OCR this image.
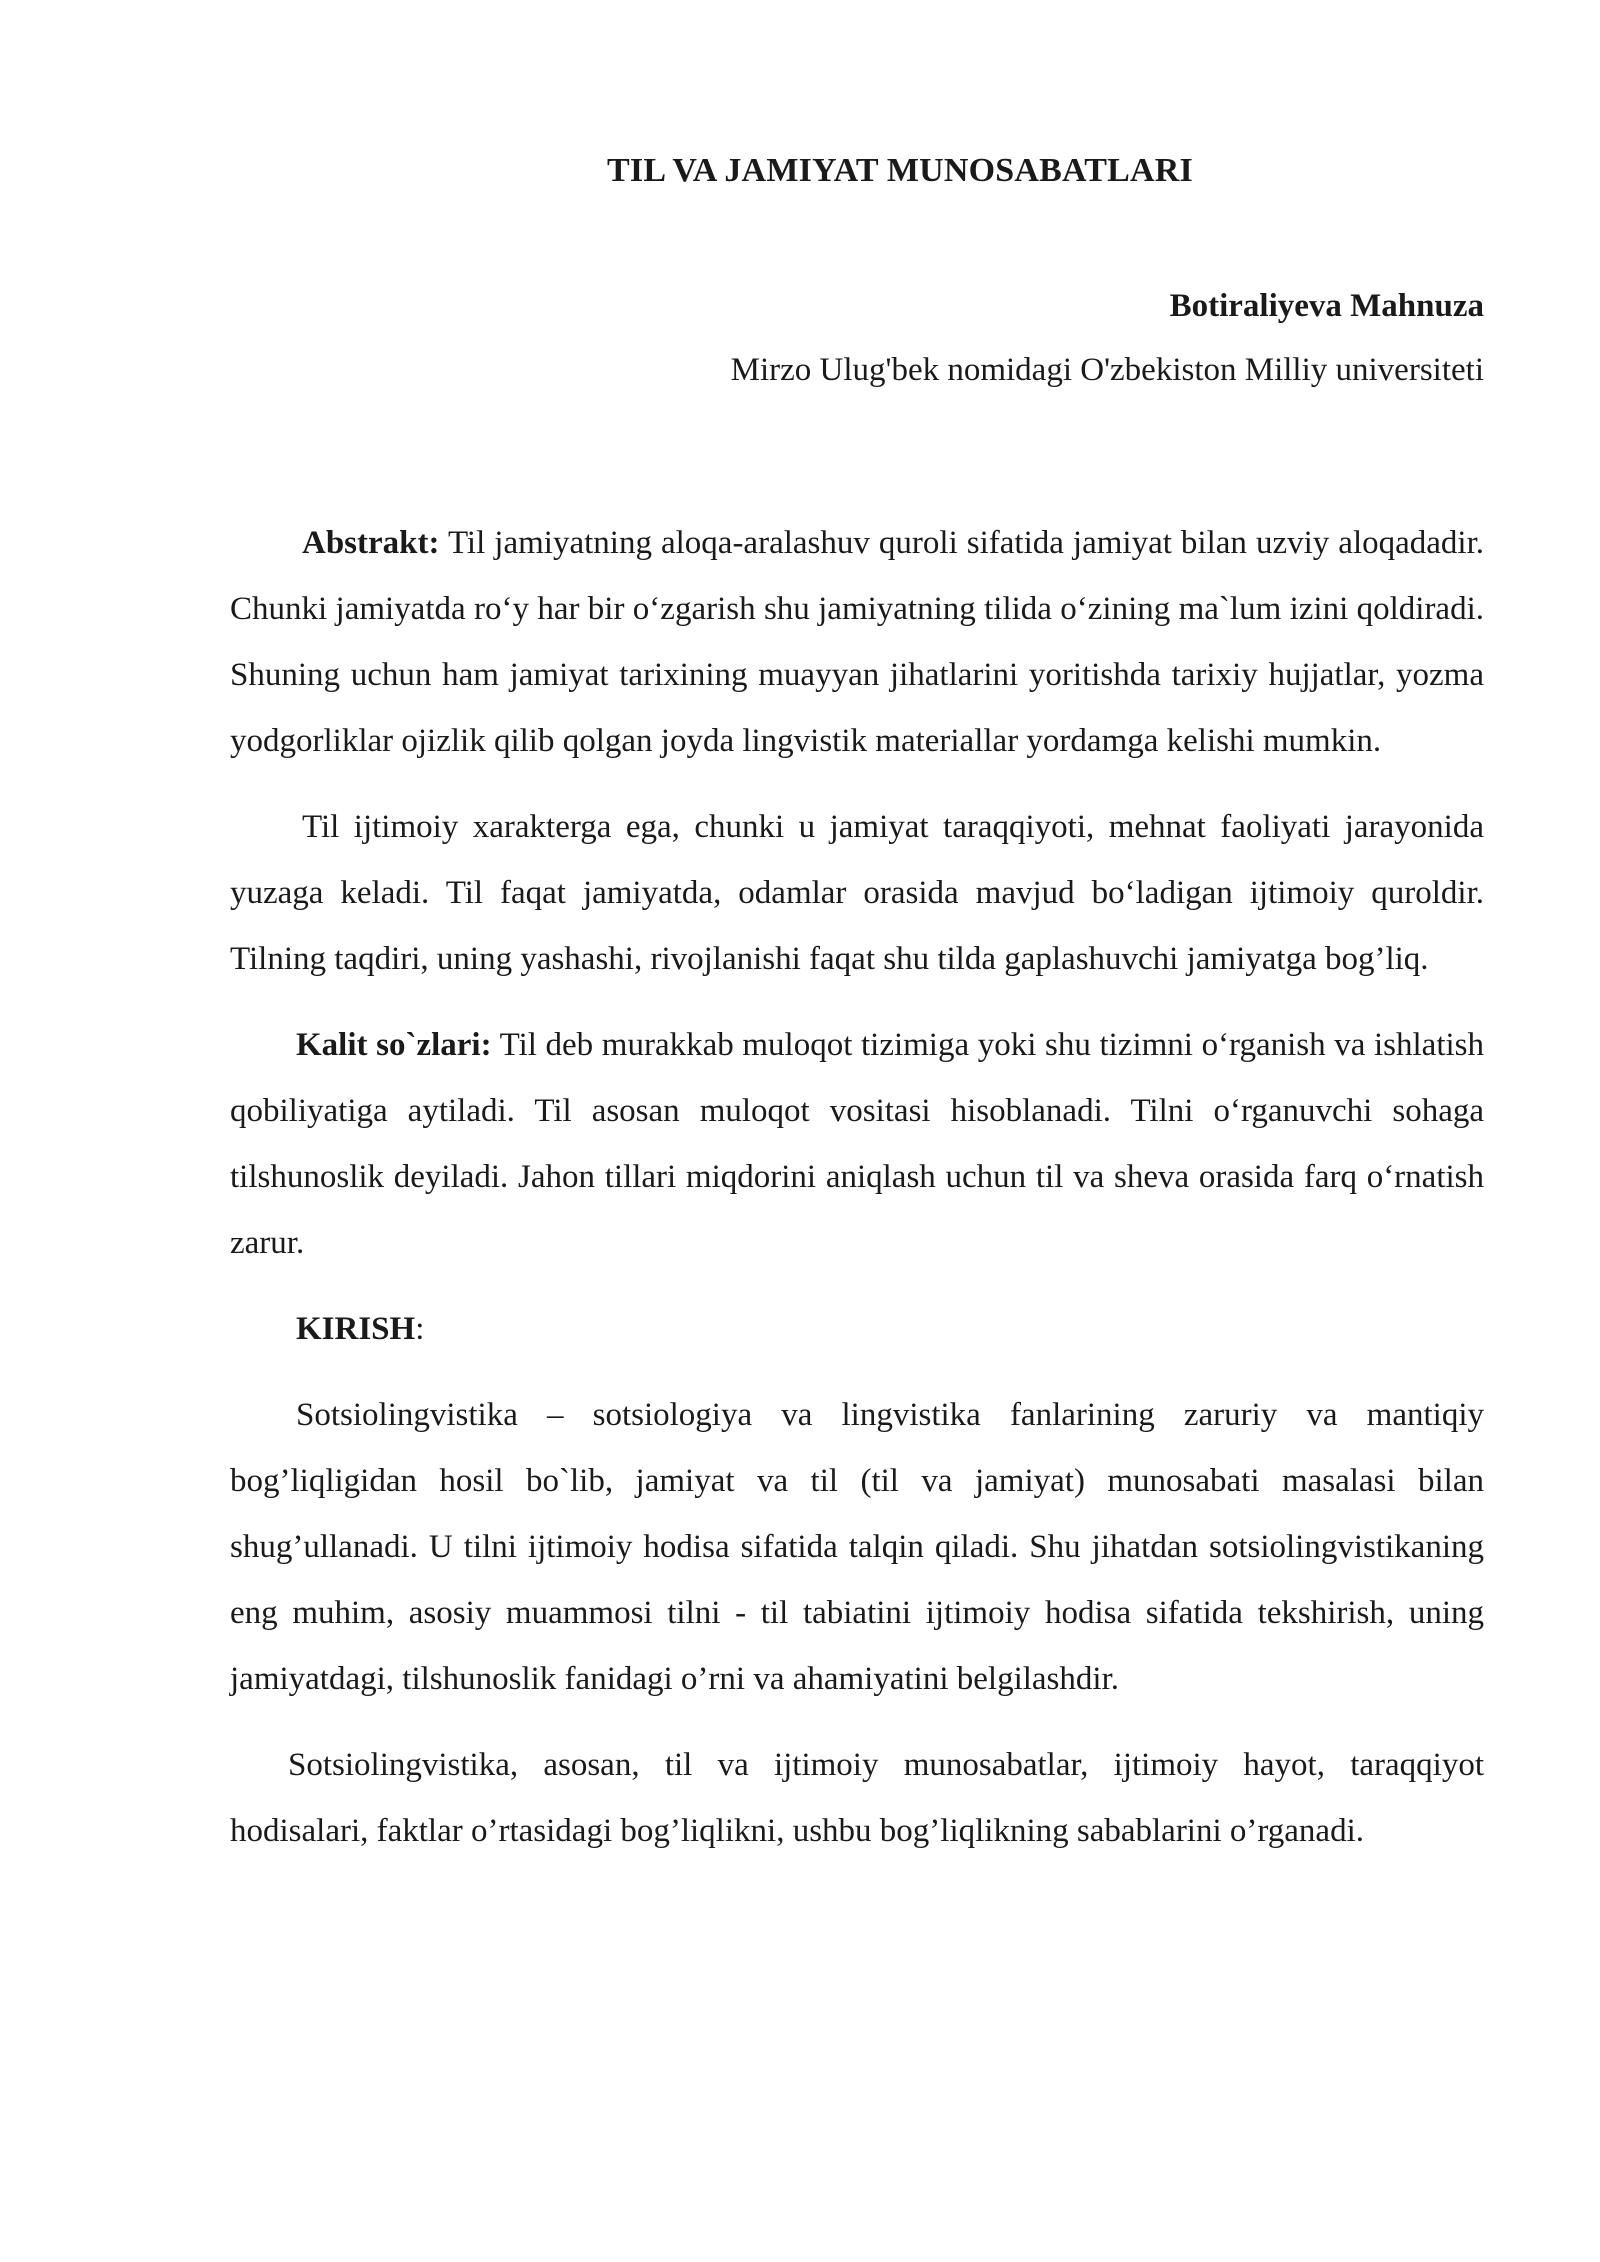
TIL VA JAMIYAT MUNOSABATLARI
Botiraliyeva Mahnuza
Mirzo Ulug'bek nomidagi O'zbekiston Milliy universiteti

Abstrakt: Til jamiyatning aloqa-aralashuv quroli sifatida jamiyat bilan uzviy aloqadadir. Chunki jamiyatda ro‘y har bir o‘zgarish shu jamiyatning tilida o‘zining ma`lum izini qoldiradi. Shuning uchun ham jamiyat tarixining muayyan jihatlarini yoritishda tarixiy hujjatlar, yozma yodgorliklar ojizlik qilib qolgan joyda lingvistik materiallar yordamga kelishi mumkin.

Til ijtimoiy xarakterga ega, chunki u jamiyat taraqqiyoti, mehnat faoliyati jarayonida yuzaga keladi. Til faqat jamiyatda, odamlar orasida mavjud bo‘ladigan ijtimoiy quroldir. Tilning taqdiri, uning yashashi, rivojlanishi faqat shu tilda gaplashuvchi jamiyatga bog’liq.

Kalit so`zlari: Til deb murakkab muloqot tizimiga yoki shu tizimni o‘rganish va ishlatish qobiliyatiga aytiladi. Til asosan muloqot vositasi hisoblanadi. Tilni o‘rganuvchi sohaga tilshunoslik deyiladi. Jahon tillari miqdorini aniqlash uchun til va sheva orasida farq o‘rnatish zarur.

KIRISH:

Sotsiolingvistika – sotsiologiya va lingvistika fanlarining zaruriy va mantiqiy bog’liqligidan hosil bo`lib, jamiyat va til (til va jamiyat) munosabati masalasi bilan shug’ullanadi. U tilni ijtimoiy hodisa sifatida talqin qiladi. Shu jihatdan sotsiolingvistikaning eng muhim, asosiy muammosi tilni - til tabiatini ijtimoiy hodisa sifatida tekshirish, uning jamiyatdagi, tilshunoslik fanidagi o’rni va ahamiyatini belgilashdir.

Sotsiolingvistika, asosan, til va ijtimoiy munosabatlar, ijtimoiy hayot, taraqqiyot hodisalari, faktlar o’rtasidagi bog’liqlikni, ushbu bog’liqlikning sabablarini o’rganadi.
